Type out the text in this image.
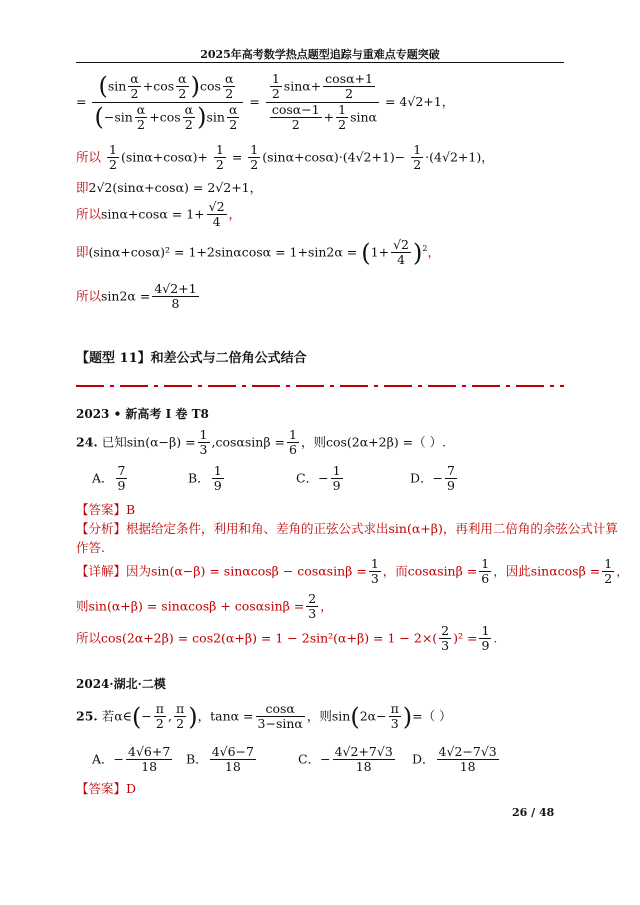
2025年高考数学热点题型追踪与重难点专题突破
= $\frac{(\sin \frac{\alpha}{2} +\cos \frac{\alpha}{2} )\cos \frac{\alpha}{2}}{(-\sin \frac{\alpha}{2} +\cos \frac{\alpha}{2} )\sin \frac{\alpha}{2}} = \frac{\frac{1}{2} \sin\alpha+ \frac{\cos\alpha+1}{2}}{\frac{\cos\alpha-1}{2} + \frac{1}{2} \sin\alpha} = 4√2+1$，
所以 $\frac{1}{2} (\sin\alpha+\cos\alpha)+ \frac{1}{2} = \frac{1}{2} (\sin\alpha+\cos\alpha)\cdot(4√2+1)- \frac{1}{2} \cdot(4√2+1)$，
即2√2(sinα+cosα) = 2√2+1，
所以$\sin\alpha+\cos\alpha = 1+ \frac{√2}{4}$ ，
即$(\sin\alpha+\cos\alpha)^2 = 1+2\sin\alpha\cos\alpha = 1+\sin 2\alpha = (1+ \frac{√2}{4} )^2$，
所以$\sin 2\alpha = \frac{4√2+1}{8}$
【题型 11】和差公式与二倍角公式结合
2023 • 新高考 I 卷 T8
24. 已知$\sin(\alpha-\beta) = \frac{1}{3} ,\cos\alpha\sin\beta = \frac{1}{6}$ ，则cos(2α+2β) =（ ）.
A． $\frac{7}{9}$	B． $\frac{1}{9}$	C．− $\frac{1}{9}$	D．− $\frac{7}{9}$
【答案】B
【分析】根据给定条件，利用和角、差角的正弦公式求出sin(α+β)，再利用二倍角的余弦公式计算
作答.
【详解】因为$\sin(\alpha-\beta) = \sin\alpha\cos\beta - \cos\alpha\sin\beta = \frac{1}{3}$ ，而$\cos\alpha\sin\beta = \frac{1}{6}$ ，因此$\sin\alpha\cos\beta = \frac{1}{2}$ ，
则$\sin(\alpha+\beta) = \sin\alpha\cos\beta + \cos\alpha\sin\beta = \frac{2}{3}$ ，
所以$\cos(2\alpha+2\beta) = \cos 2(\alpha+\beta) = 1 - 2\sin^2(\alpha+\beta) = 1 - 2\times( \frac{2}{3} )^2 = \frac{1}{9}$ .
2024·湖北·二模
25. 若α∈(− $\frac{\pi}{2}$ , $\frac{\pi}{2}$ )，$\tan\alpha = \frac{\cos\alpha}{3-\sin\alpha}$ ，则$\sin(2\alpha- \frac{\pi}{3}$ )=（ ）
A．− $\frac{4√6+7}{18}$ B． $\frac{4√6-7}{18}$	C．− $\frac{4√2+7√3}{18}$ D． $\frac{4√2-7√3}{18}$
【答案】D
26 / 48
